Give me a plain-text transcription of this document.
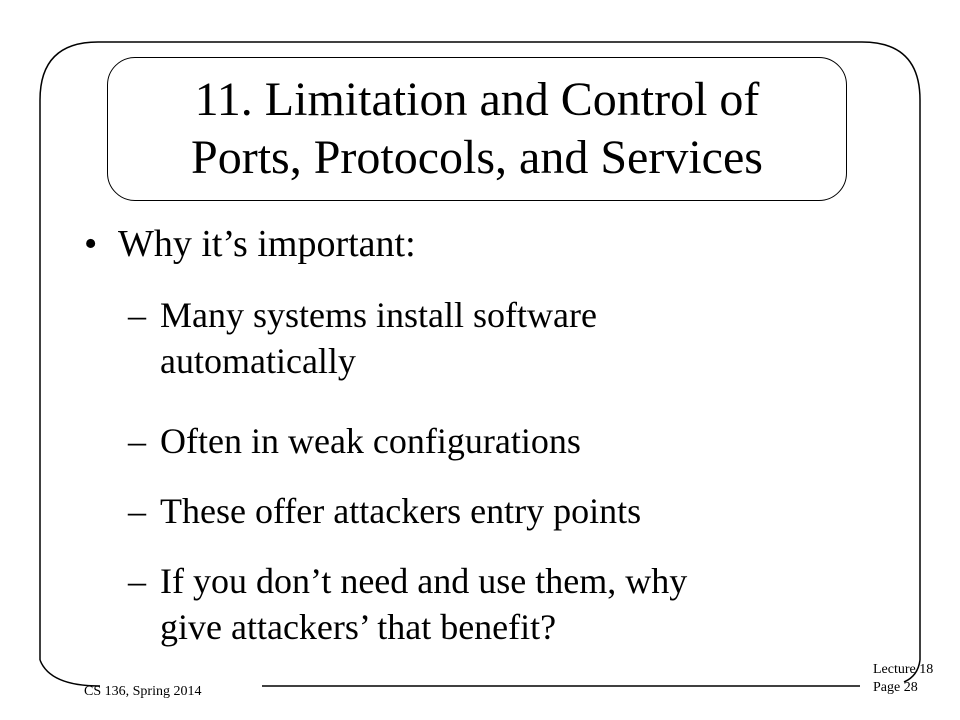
11. Limitation and Control of
Ports, Protocols, and Services
• Why it’s important:
– Many systems install software
automatically
– Often in weak configurations
– These offer attackers entry points
– If you don’t need and use them, why
give attackers’ that benefit?
CS 136, Spring 2014
Lecture 18
Page 28
